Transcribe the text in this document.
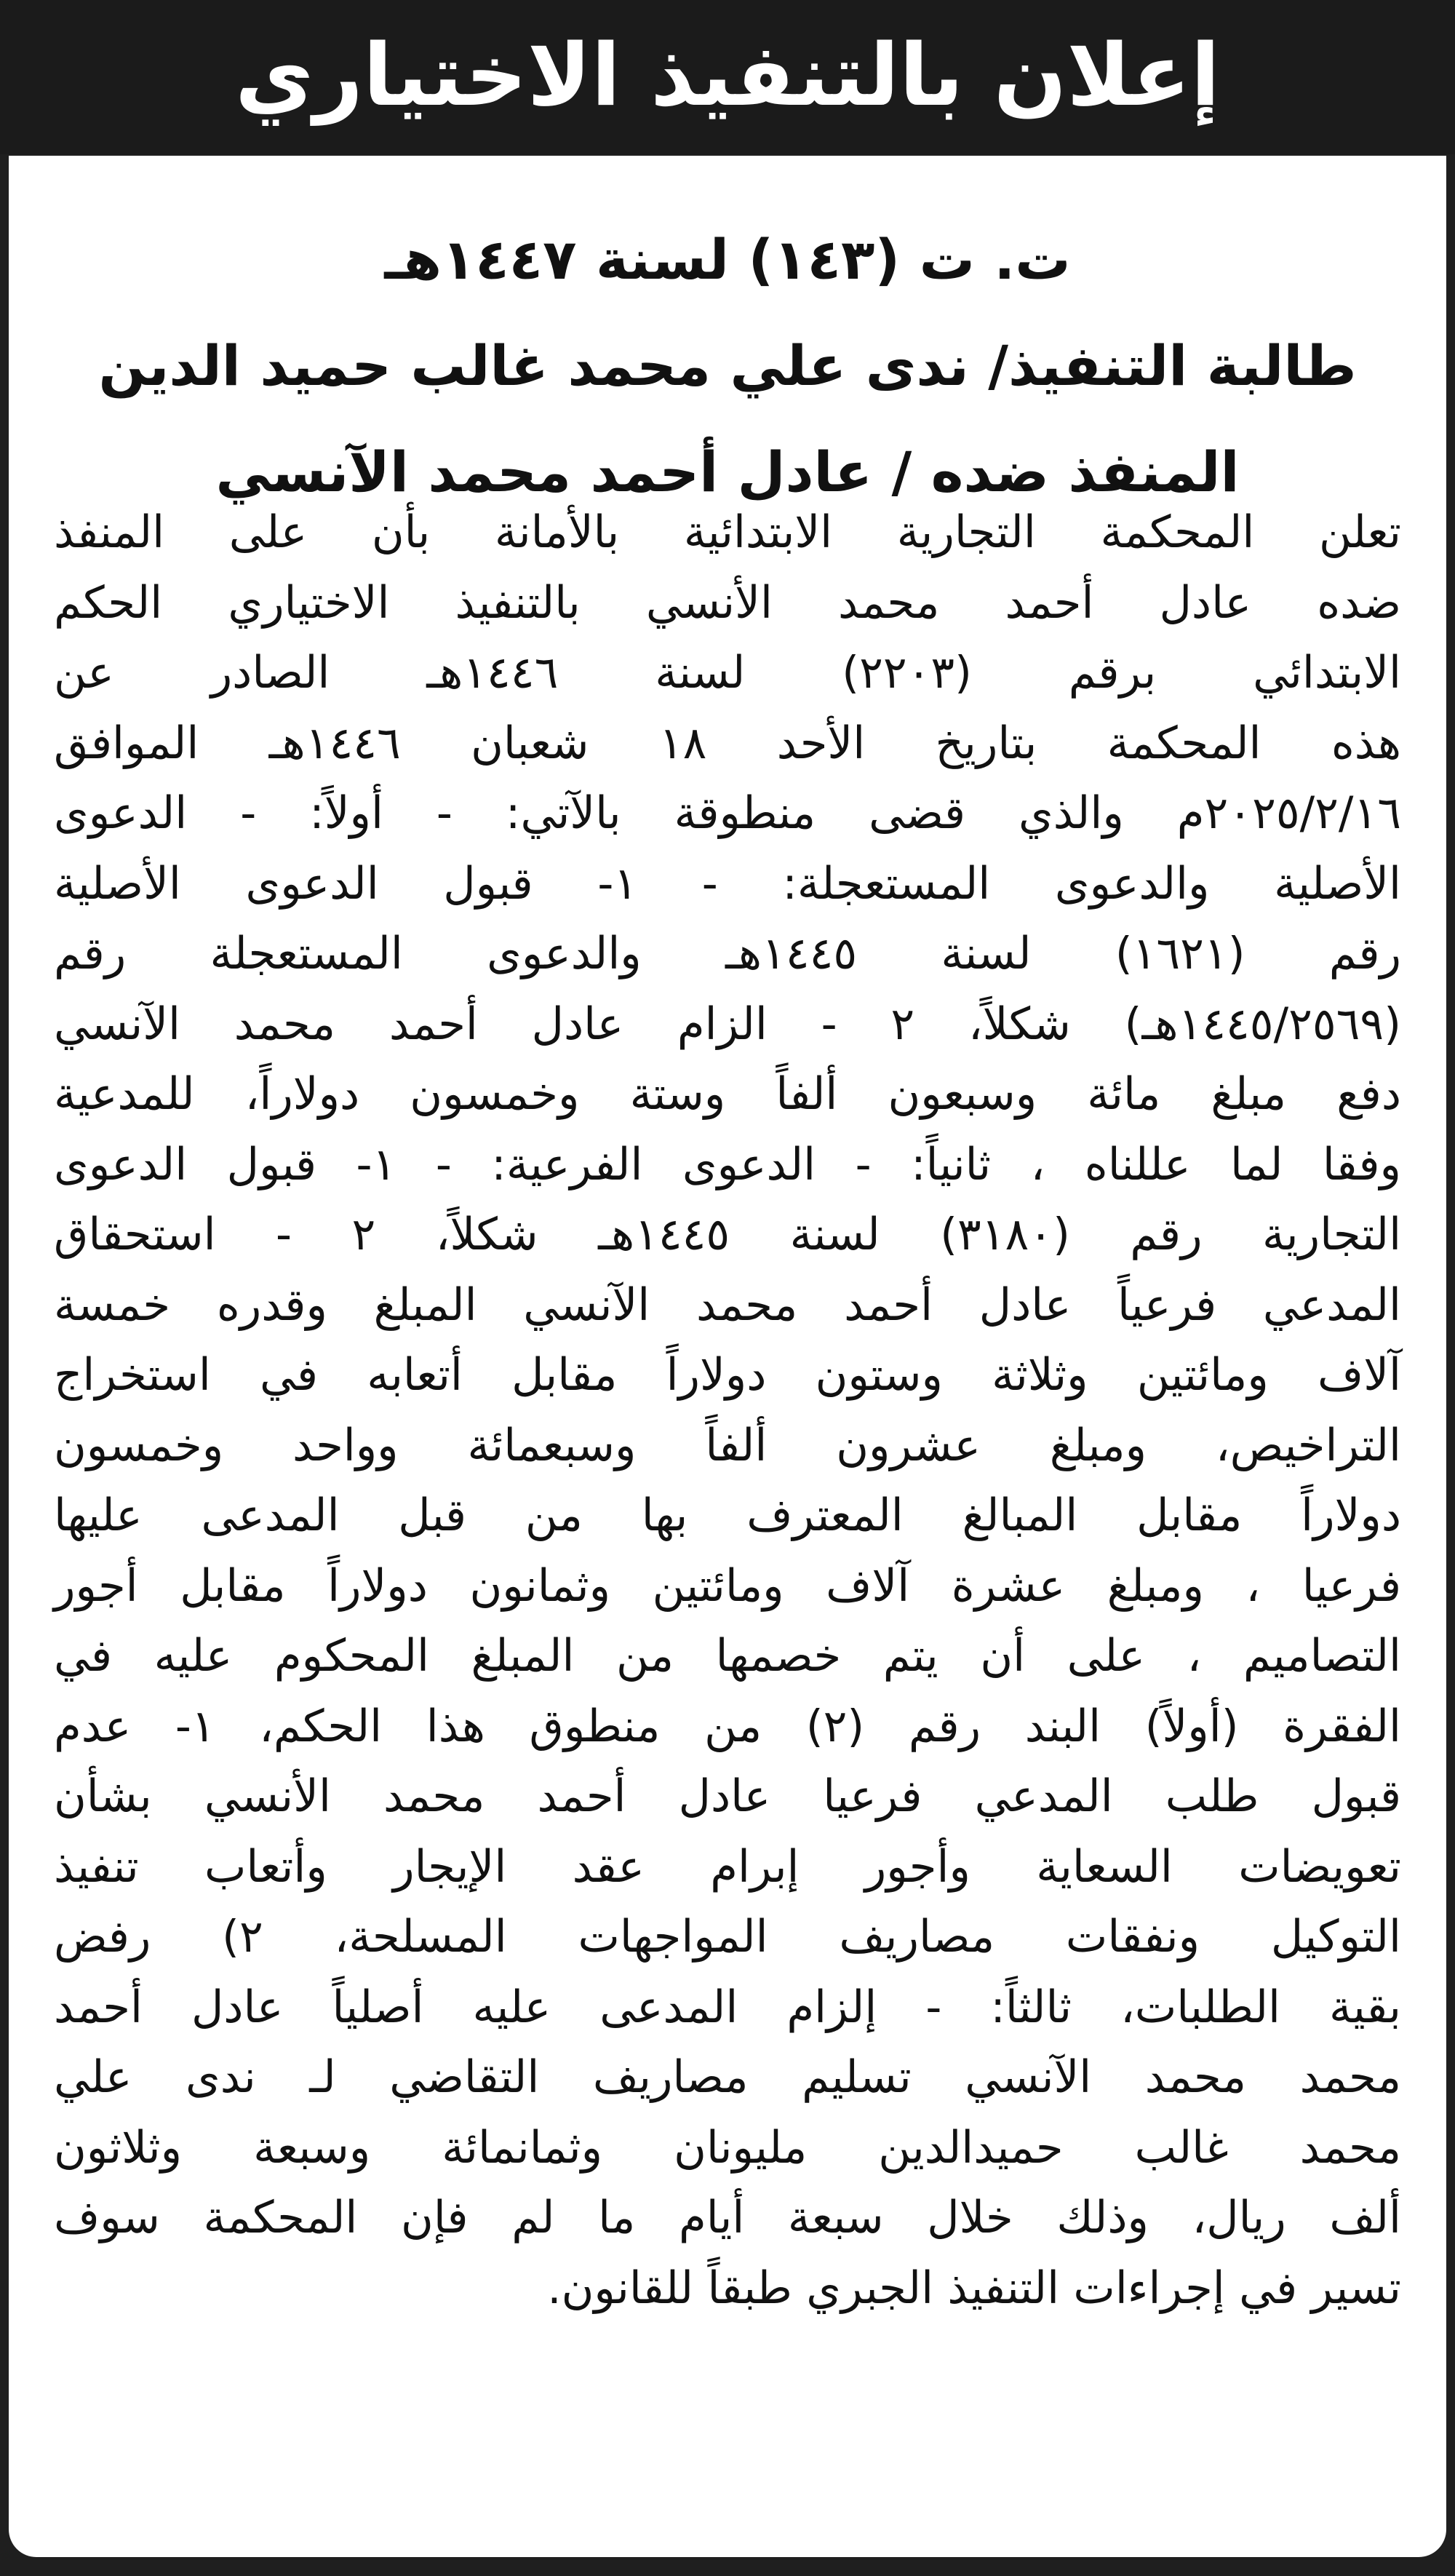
إعلان بالتنفيذ الاختياري
ت. ت (١٤٣) لسنة ١٤٤٧هـ
طالبة التنفيذ/ ندى علي محمد غالب حميد الدين
المنفذ ضده / عادل أحمد محمد الآنسي
تعلن المحكمة التجارية الابتدائية بالأمانة بأن على المنفذ
ضده عادل أحمد محمد الأنسي بالتنفيذ الاختياري الحكم
الابتدائي برقم (٢٢٠٣) لسنة ١٤٤٦هـ الصادر عن
هذه المحكمة بتاريخ الأحد ١٨ شعبان ١٤٤٦هـ الموافق
٢٠٢٥/٢/١٦م والذي قضى منطوقة بالآتي: - أولاً: - الدعوى
الأصلية والدعوى المستعجلة: - ١- قبول الدعوى الأصلية
رقم (١٦٢١) لسنة ١٤٤٥هـ والدعوى المستعجلة رقم
(١٤٤٥/٢٥٦٩هـ) شكلاً، ٢ - الزام عادل أحمد محمد الآنسي
دفع مبلغ مائة وسبعون ألفاً وستة وخمسون دولاراً، للمدعية
وفقا لما عللناه ، ثانياً: - الدعوى الفرعية: - ١- قبول الدعوى
التجارية رقم (٣١٨٠) لسنة ١٤٤٥هـ شكلاً، ٢ - استحقاق
المدعي فرعياً عادل أحمد محمد الآنسي المبلغ وقدره خمسة
آلاف ومائتين وثلاثة وستون دولاراً مقابل أتعابه في استخراج
التراخيص، ومبلغ عشرون ألفاً وسبعمائة وواحد وخمسون
دولاراً مقابل المبالغ المعترف بها من قبل المدعى عليها
فرعيا ، ومبلغ عشرة آلاف ومائتين وثمانون دولاراً مقابل أجور
التصاميم ، على أن يتم خصمها من المبلغ المحكوم عليه في
الفقرة (أولاً) البند رقم (٢) من منطوق هذا الحكم، ١- عدم
قبول طلب المدعي فرعيا عادل أحمد محمد الأنسي بشأن
تعويضات السعاية وأجور إبرام عقد الإيجار وأتعاب تنفيذ
التوكيل ونفقات مصاريف المواجهات المسلحة، ٢) رفض
بقية الطلبات، ثالثاً: - إلزام المدعى عليه أصلياً عادل أحمد
محمد محمد الآنسي تسليم مصاريف التقاضي لـ ندى علي
محمد غالب حميدالدين مليونان وثمانمائة وسبعة وثلاثون
ألف ريال، وذلك خلال سبعة أيام ما لم فإن المحكمة سوف
تسير في إجراءات التنفيذ الجبري طبقاً للقانون.
